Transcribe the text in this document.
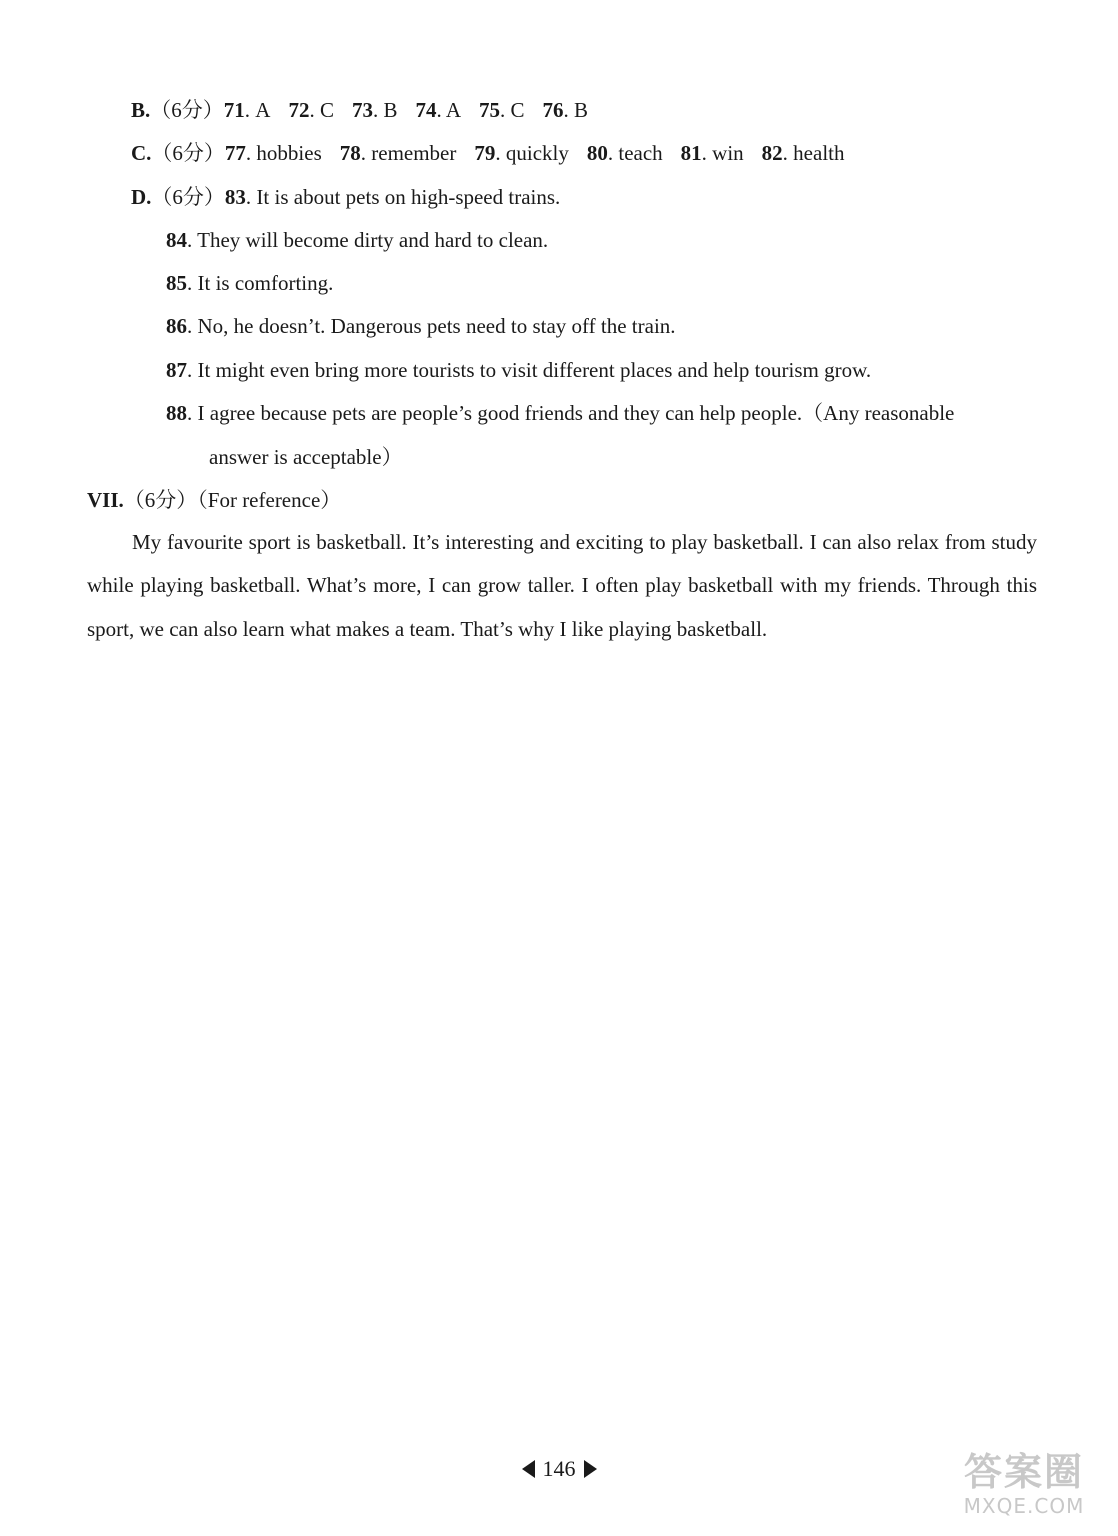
B.（6分）71. A 72. C 73. B 74. A 75. C 76. B
C.（6分）77. hobbies 78. remember 79. quickly 80. teach 81. win 82. health
D.（6分）83. It is about pets on high-speed trains.
84. They will become dirty and hard to clean.
85. It is comforting.
86. No, he doesn’t. Dangerous pets need to stay off the train.
87. It might even bring more tourists to visit different places and help tourism grow.
88. I agree because pets are people’s good friends and they can help people.（Any reasonable
answer is acceptable）
VII.（6分）（For reference）
My favourite sport is basketball. It’s interesting and exciting to play basketball. I can also relax from study while playing basketball. What’s more, I can grow taller. I often play basketball with my friends. Through this sport, we can also learn what makes a team. That’s why I like playing basketball.
146	答案圈
MXQE.COM
